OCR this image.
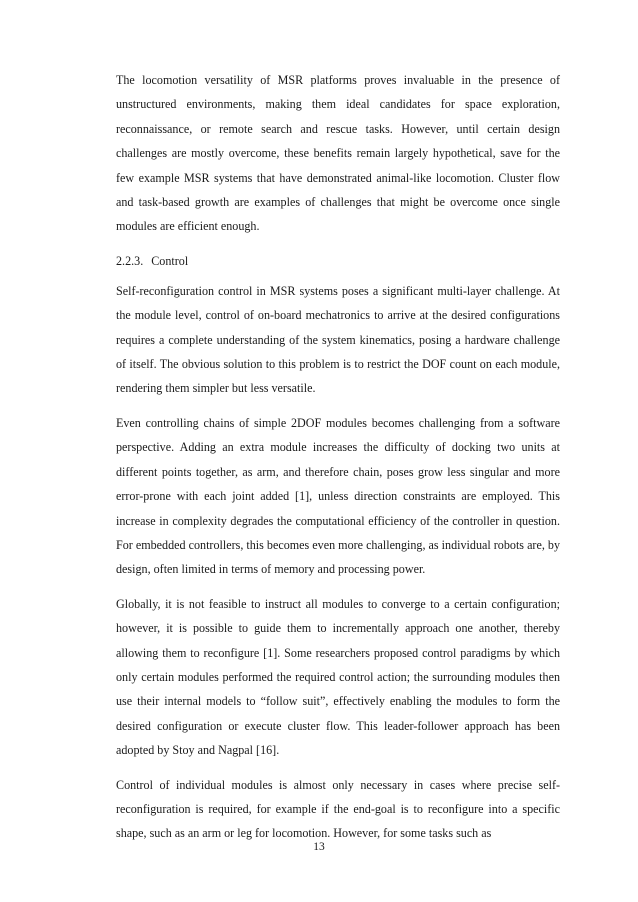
The locomotion versatility of MSR platforms proves invaluable in the presence of unstructured environments, making them ideal candidates for space exploration, reconnaissance, or remote search and rescue tasks. However, until certain design challenges are mostly overcome, these benefits remain largely hypothetical, save for the few example MSR systems that have demonstrated animal-like locomotion. Cluster flow and task-based growth are examples of challenges that might be overcome once single modules are efficient enough.

2.2.3. Control

Self-reconfiguration control in MSR systems poses a significant multi-layer challenge. At the module level, control of on-board mechatronics to arrive at the desired configurations requires a complete understanding of the system kinematics, posing a hardware challenge of itself. The obvious solution to this problem is to restrict the DOF count on each module, rendering them simpler but less versatile.

Even controlling chains of simple 2DOF modules becomes challenging from a software perspective. Adding an extra module increases the difficulty of docking two units at different points together, as arm, and therefore chain, poses grow less singular and more error-prone with each joint added [1], unless direction constraints are employed. This increase in complexity degrades the computational efficiency of the controller in question. For embedded controllers, this becomes even more challenging, as individual robots are, by design, often limited in terms of memory and processing power.

Globally, it is not feasible to instruct all modules to converge to a certain configuration; however, it is possible to guide them to incrementally approach one another, thereby allowing them to reconfigure [1]. Some researchers proposed control paradigms by which only certain modules performed the required control action; the surrounding modules then use their internal models to “follow suit”, effectively enabling the modules to form the desired configuration or execute cluster flow. This leader-follower approach has been adopted by Stoy and Nagpal [16].

Control of individual modules is almost only necessary in cases where precise self-reconfiguration is required, for example if the end-goal is to reconfigure into a specific shape, such as an arm or leg for locomotion. However, for some tasks such as

13
